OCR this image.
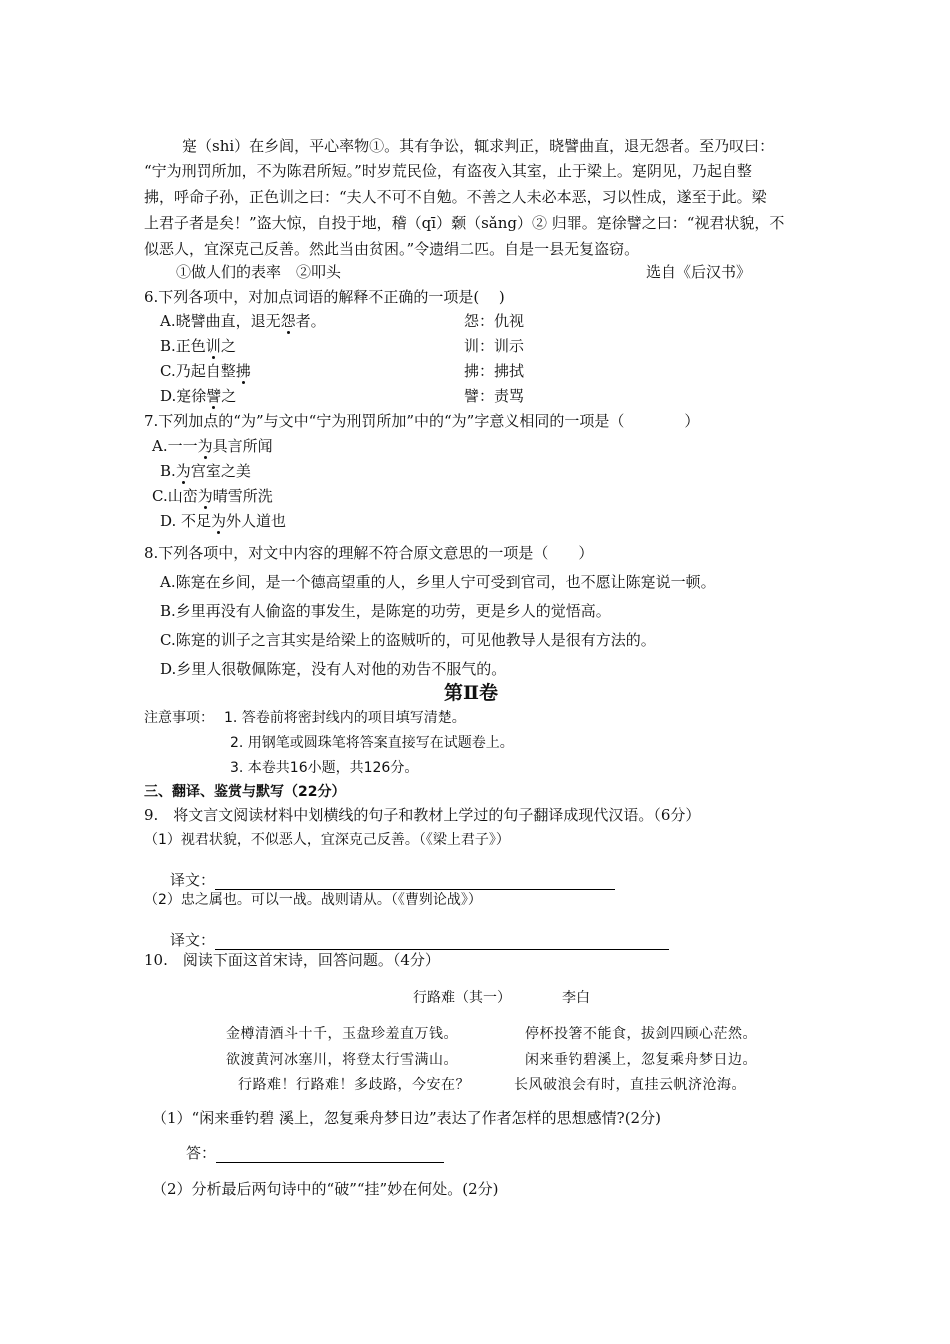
寔（shi）在乡闾，平心率物①。其有争讼，辄求判正，晓譬曲直，退无怨者。至乃叹曰：
“宁为刑罚所加，不为陈君所短。”时岁荒民俭，有盗夜入其室，止于梁上。寔阴见，乃起自整
拂，呼命子孙，正色训之曰：“夫人不可不自勉。不善之人未必本恶，习以性成，遂至于此。梁
上君子者是矣！”盗大惊，自投于地，稽（qī）颡（sǎng）② 归罪。寔徐譬之曰：“视君状貌，不
似恶人，宜深克己反善。然此当由贫困。”令遗绢二匹。自是一县无复盗窃。
①做人们的表率　②叩头	选自《后汉书》
6.下列各项中，对加点词语的解释不正确的一项是(　 )
A.晓譬曲直，退无怨者。	怨：仇视
B.正色训之	训：训示
C.乃起自整拂	拂：拂拭
D.寔徐譬之	譬：责骂
7.下列加点的“为”与文中“宁为刑罚所加”中的“为”字意义相同的一项是（　　　　）
A.一一为具言所闻
B.为宫室之美
C.山峦为晴雪所洗
D. 不足为外人道也
8.下列各项中，对文中内容的理解不符合原文意思的一项是（　　）
A.陈寔在乡间，是一个德高望重的人，乡里人宁可受到官司，也不愿让陈寔说一顿。
B.乡里再没有人偷盗的事发生，是陈寔的功劳，更是乡人的觉悟高。
C.陈寔的训子之言其实是给梁上的盗贼听的，可见他教导人是很有方法的。
D.乡里人很敬佩陈寔，没有人对他的劝告不服气的。
第Ⅱ卷
注意事项： 1. 答卷前将密封线内的项目填写清楚。
2. 用钢笔或圆珠笔将答案直接写在试题卷上。
3. 本卷共16小题，共126分。
三、翻译、鉴赏与默写（22分）
9.　将文言文阅读材料中划横线的句子和教材上学过的句子翻译成现代汉语。（6分）
（1）视君状貌，不似恶人，宜深克己反善。（《梁上君子》）
译文：
（2）忠之属也。可以一战。战则请从。（《曹刿论战》）
译文：
10.　阅读下面这首宋诗，回答问题。（4分）
行路难（其一）	李白
金樽清酒斗十千，玉盘珍羞直万钱。	停杯投箸不能食，拔剑四顾心茫然。
欲渡黄河冰塞川，将登太行雪满山。	闲来垂钓碧溪上，忽复乘舟梦日边。
行路难！行路难！多歧路，今安在？	长风破浪会有时，直挂云帆济沧海。
（1）“闲来垂钓碧 溪上，忽复乘舟梦日边”表达了作者怎样的思想感情?(2分)
答：
（2）分析最后两句诗中的“破”“挂”妙在何处。(2分)
